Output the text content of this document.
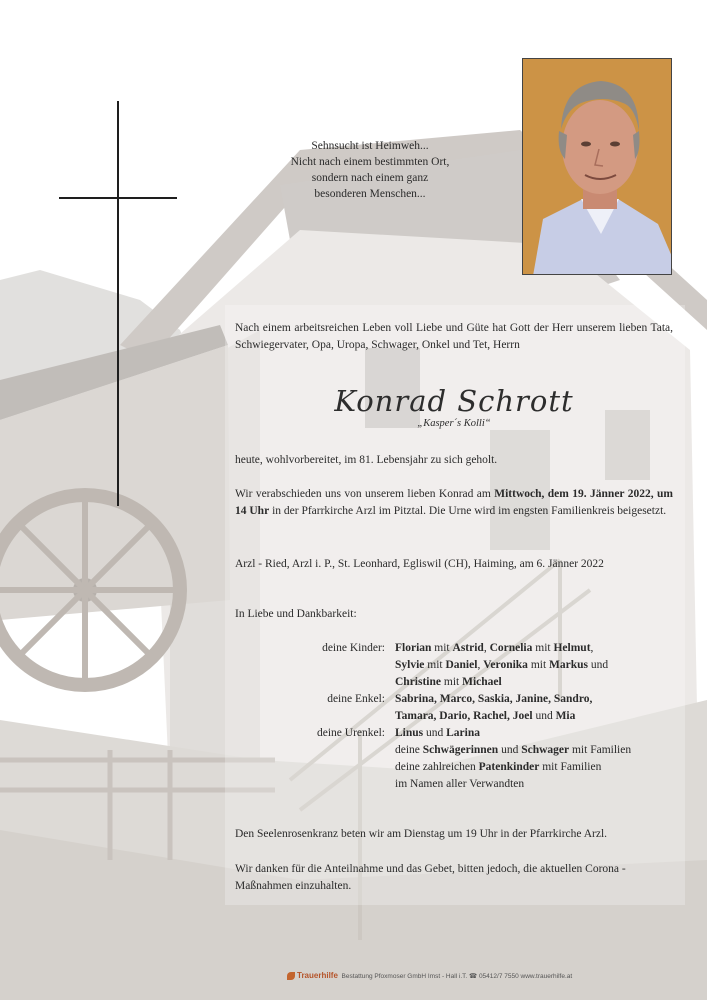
Sehnsucht ist Heimweh...
Nicht nach einem bestimmten Ort,
sondern nach einem ganz
besonderen Menschen...
Nach einem arbeitsreichen Leben voll Liebe und Güte hat Gott der Herr unserem lieben Tata, Schwiegervater, Opa, Uropa, Schwager, Onkel und Tet, Herrn
Konrad Schrott
„Kasper´s Kolli“
heute, wohlvorbereitet, im 81. Lebensjahr zu sich geholt.
Wir verabschieden uns von unserem lieben Konrad am Mittwoch, dem 19. Jänner 2022, um 14 Uhr in der Pfarrkirche Arzl im Pitztal. Die Urne wird im engsten Familienkreis beigesetzt.
Arzl - Ried, Arzl i. P., St. Leonhard, Egliswil (CH), Haiming, am 6. Jänner 2022
In Liebe und Dankbarkeit:
deine Kinder: Florian mit Astrid, Cornelia mit Helmut,
Sylvie mit Daniel, Veronika mit Markus und
Christine mit Michael
deine Enkel: Sabrina, Marco, Saskia, Janine, Sandro,
Tamara, Dario, Rachel, Joel und Mia
deine Urenkel: Linus und Larina
deine Schwägerinnen und Schwager mit Familien
deine zahlreichen Patenkinder mit Familien
im Namen aller Verwandten
Den Seelenrosenkranz beten wir am Dienstag um 19 Uhr in der Pfarrkirche Arzl.
Wir danken für die Anteilnahme und das Gebet, bitten jedoch, die aktuellen Corona - Maßnahmen einzuhalten.
Trauerhilfe Bestattung Pfoxmoser GmbH Imst - Hall i.T. ☎ 05412/7 7550 www.trauerhilfe.at
